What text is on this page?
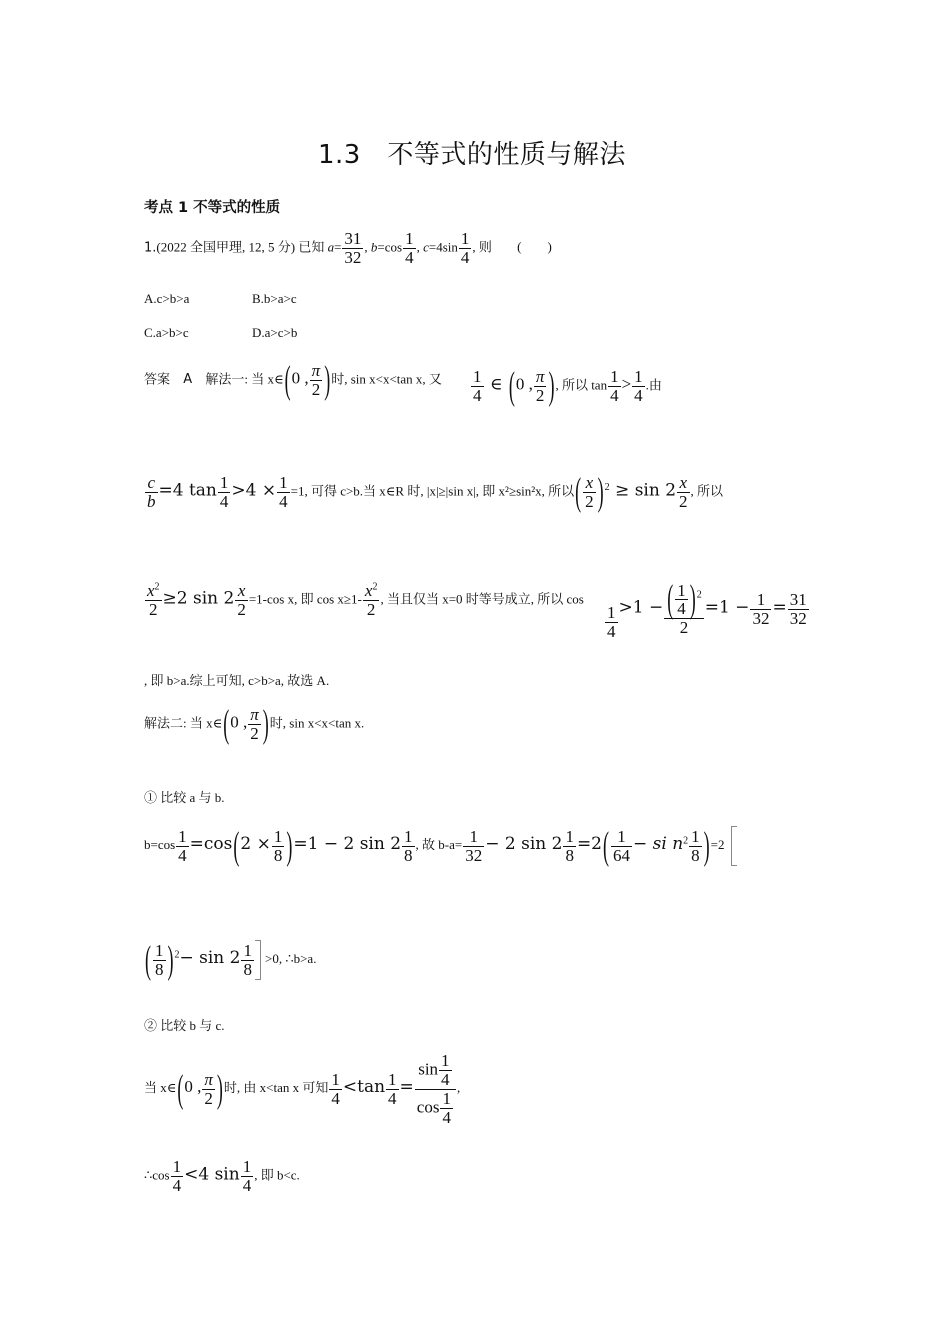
1.3　不等式的性质与解法
考点 1 不等式的性质
1.(2022 全国甲理, 12, 5 分) 已知 $a= \frac{31}{32}$ , $b=\cos \frac{1}{4}$ , $c=4\sin \frac{1}{4}$ , 则 (　　)
A.c>b>a	B.b>a>c
C.a>b>c	D.a>c>b
答案 A 解法一: 当 x∈(0 , $\frac{\pi}{2}$ )时, sin x<x<tan x, 又 $\frac{1}{4}$ ∈ (0 , $\frac{\pi}{2}$ ), 所以 $\tan \frac{1}{4} > \frac{1}{4}$ .由
$\frac{c}{b} =4$ $\tan \frac{1}{4} >4 \times \frac{1}{4} =1$, 可得 c>b.当 x∈R 时, |x|≥|sin x|, 即 x²≥sin²x, 所以( $\frac{x}{2} )^2 \ge \sin 2 \frac{x}{2}$ , 所以
$\frac{x^2}{2} \ge 2$ $\sin 2 \frac{x}{2} =1-\cos$ x, 即 $\cos x\ge 1- \frac{x^2}{2}$ , 当且仅当 x=0 时等号成立, 所以 cos
$\frac{1}{4} >1 - \frac{( \frac{1}{4} )^2}{2} =1 - \frac{1}{32} = \frac{31}{32}$
, 即 b>a.综上可知, c>b>a, 故选 A.
解法二: 当 x∈(0 , $\frac{\pi}{2}$ )时, sin x<x<tan x.
① 比较 a 与 b.
$b=\cos \frac{1}{4} =\cos(2 \times \frac{1}{8} )=1 - 2$ $\sin 2 \frac{1}{8}$ , 故 $b-a= \frac{1}{32} - 2$ $\sin 2 \frac{1}{8} =2( \frac{1}{64}$ − si $n^2 \frac{1}{8} )=2$
( $\frac{1}{8} )^2- \sin 2 \frac{1}{8} >0$, ∴b>a.
② 比较 b 与 c.
当 x∈(0 , $\frac{\pi}{2}$ )时, 由 x<tan x 可知 $\frac{1}{4} <\tan \frac{1}{4} = \frac{\sin \frac{1}{4}}{\cos \frac{1}{4}}$ ,
∴cos $\frac{1}{4} <4$ $\sin \frac{1}{4}$ , 即 b<c.
